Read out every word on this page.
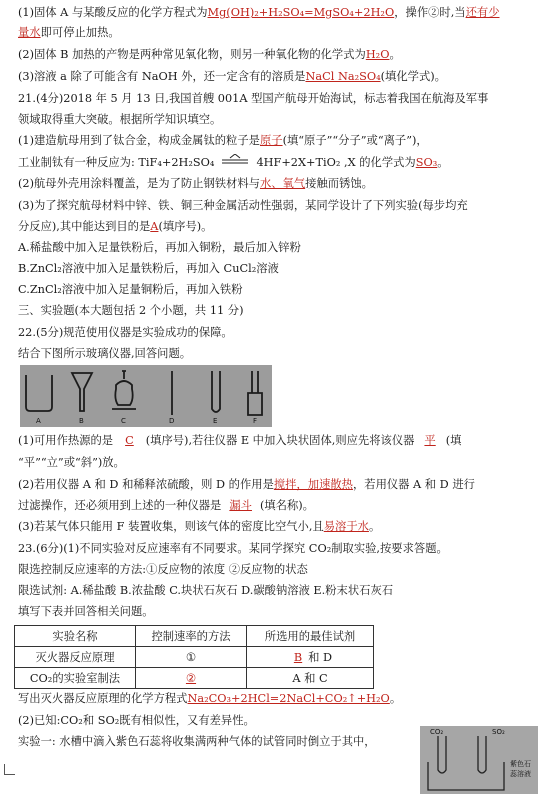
(1)固体 A 与某酸反应的化学方程式为Mg(OH)₂+H₂SO₄=MgSO₄+2H₂O，操作②时,当还有少
量水即可停止加热。
(2)固体 B 加热的产物是两种常见氧化物，则另一种氧化物的化学式为H₂O。
(3)溶液 a 除了可能含有 NaOH 外，还一定含有的溶质是NaCl Na₂SO₄(填化学式)。
21.(4分)2018 年 5 月 13 日,我国首艘 001A 型国产航母开始海试，标志着我国在航海及军事
领域取得重大突破。根据所学知识填空。
(1)建造航母用到了钛合金，构成金属钛的粒子是原子(填“原子”“分子”或“离子”)，
工业制钛有一种反应为: TiF₄+2H₂SO₄	4HF+2X+TiO₂ ,X 的化学式为SO₃。
(2)航母外壳用涂料覆盖，是为了防止钢铁材料与水、氧气接触而锈蚀。
(3)为了探究航母材料中锌、铁、铜三种金属活动性强弱，某同学设计了下列实验(每步均充
分反应),其中能达到目的是A(填序号)。
A.稀盐酸中加入足量铁粉后，再加入铜粉，最后加入锌粉
B.ZnCl₂溶液中加入足量铁粉后，再加入 CuCl₂溶液
C.ZnCl₂溶液中加入足量铜粉后，再加入铁粉
三、实验题(本大题包括 2 个小题，共 11 分)
22.(5分)规范使用仪器是实验成功的保障。
结合下图所示玻璃仪器,回答问题。
A	B	C	D	E	F
(1)可用作热源的是 C (填序号),若往仪器 E 中加入块状固体,则应先将该仪器 平 (填
“平”“立”或“斜”)放。
(2)若用仪器 A 和 D 和稀释浓硫酸，则 D 的作用是搅拌，加速散热，若用仪器 A 和 D 进行
过滤操作，还必须用到上述的一种仪器是 漏斗 (填名称)。
(3)若某气体只能用 F 装置收集，则该气体的密度比空气小,且易溶于水。
23.(6分)(1)不同实验对反应速率有不同要求。某同学探究 CO₂制取实验,按要求答题。
限选控制反应速率的方法:①反应物的浓度 ②反应物的状态
限选试剂: A.稀盐酸 B.浓盐酸 C.块状石灰石 D.碳酸钠溶液 E.粉末状石灰石
填写下表并回答相关问题。
实验名称	控制速率的方法	所选用的最佳试剂
灭火器反应原理	①	B 和 D
CO₂的实验室制法	②	A 和 C
写出灭火器反应原理的化学方程式Na₂CO₃+2HCl=2NaCl+CO₂↑+H₂O。
(2)已知:CO₂和 SO₂既有相似性，又有差异性。
实验一: 水槽中滴入紫色石蕊将收集满两种气体的试管同时倒立于其中，
CO₂	SO₂
紫色石
蕊溶液
